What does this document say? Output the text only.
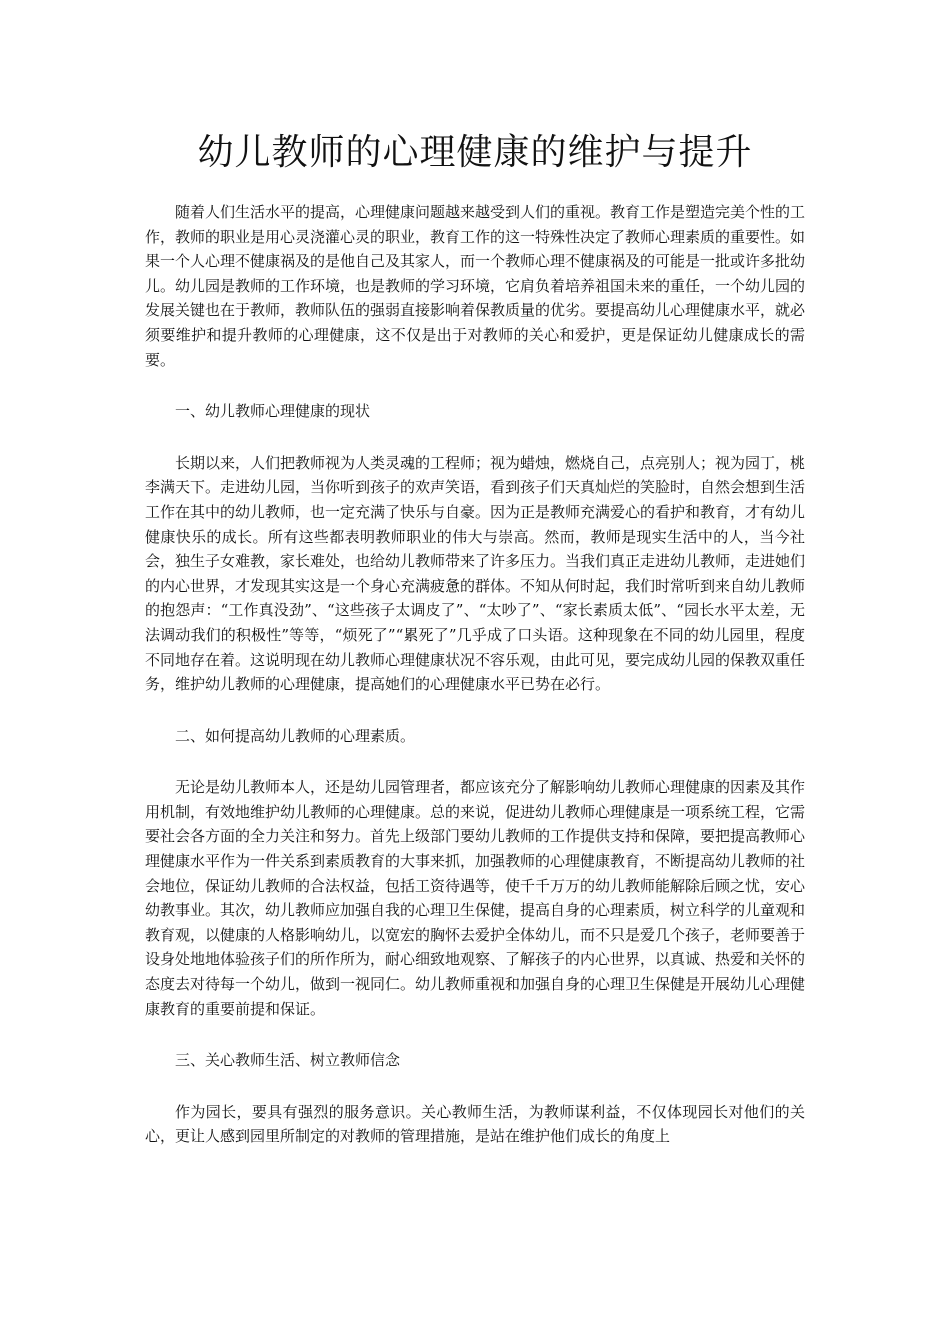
幼儿教师的心理健康的维护与提升

随着人们生活水平的提高，心理健康问题越来越受到人们的重视。教育工作是塑造完美个性的工作，教师的职业是用心灵浇灌心灵的职业，教育工作的这一特殊性决定了教师心理素质的重要性。如果一个人心理不健康祸及的是他自己及其家人，而一个教师心理不健康祸及的可能是一批或许多批幼儿。幼儿园是教师的工作环境，也是教师的学习环境，它肩负着培养祖国未来的重任，一个幼儿园的发展关键也在于教师，教师队伍的强弱直接影响着保教质量的优劣。要提高幼儿心理健康水平，就必须要维护和提升教师的心理健康，这不仅是出于对教师的关心和爱护，更是保证幼儿健康成长的需要。

一、幼儿教师心理健康的现状

长期以来，人们把教师视为人类灵魂的工程师；视为蜡烛，燃烧自己，点亮别人；视为园丁，桃李满天下。走进幼儿园，当你听到孩子的欢声笑语，看到孩子们天真灿烂的笑脸时，自然会想到生活工作在其中的幼儿教师，也一定充满了快乐与自豪。因为正是教师充满爱心的看护和教育，才有幼儿健康快乐的成长。所有这些都表明教师职业的伟大与崇高。然而，教师是现实生活中的人，当今社会，独生子女难教，家长难处，也给幼儿教师带来了许多压力。当我们真正走进幼儿教师，走进她们的内心世界，才发现其实这是一个身心充满疲惫的群体。不知从何时起，我们时常听到来自幼儿教师的抱怨声：“工作真没劲”、“这些孩子太调皮了”、“太吵了”、“家长素质太低”、“园长水平太差，无法调动我们的积极性”等等，“烦死了”“累死了”几乎成了口头语。这种现象在不同的幼儿园里，程度不同地存在着。这说明现在幼儿教师心理健康状况不容乐观，由此可见，要完成幼儿园的保教双重任务，维护幼儿教师的心理健康，提高她们的心理健康水平已势在必行。

二、如何提高幼儿教师的心理素质。

无论是幼儿教师本人，还是幼儿园管理者，都应该充分了解影响幼儿教师心理健康的因素及其作用机制，有效地维护幼儿教师的心理健康。总的来说，促进幼儿教师心理健康是一项系统工程，它需要社会各方面的全力关注和努力。首先上级部门要幼儿教师的工作提供支持和保障，要把提高教师心理健康水平作为一件关系到素质教育的大事来抓，加强教师的心理健康教育，不断提高幼儿教师的社会地位，保证幼儿教师的合法权益，包括工资待遇等，使千千万万的幼儿教师能解除后顾之忧，安心幼教事业。其次，幼儿教师应加强自我的心理卫生保健，提高自身的心理素质，树立科学的儿童观和教育观，以健康的人格影响幼儿，以宽宏的胸怀去爱护全体幼儿，而不只是爱几个孩子，老师要善于设身处地地体验孩子们的所作所为，耐心细致地观察、了解孩子的内心世界，以真诚、热爱和关怀的态度去对待每一个幼儿，做到一视同仁。幼儿教师重视和加强自身的心理卫生保健是开展幼儿心理健康教育的重要前提和保证。

三、关心教师生活、树立教师信念

作为园长，要具有强烈的服务意识。关心教师生活，为教师谋利益，不仅体现园长对他们的关心，更让人感到园里所制定的对教师的管理措施，是站在维护他们成长的角度上
